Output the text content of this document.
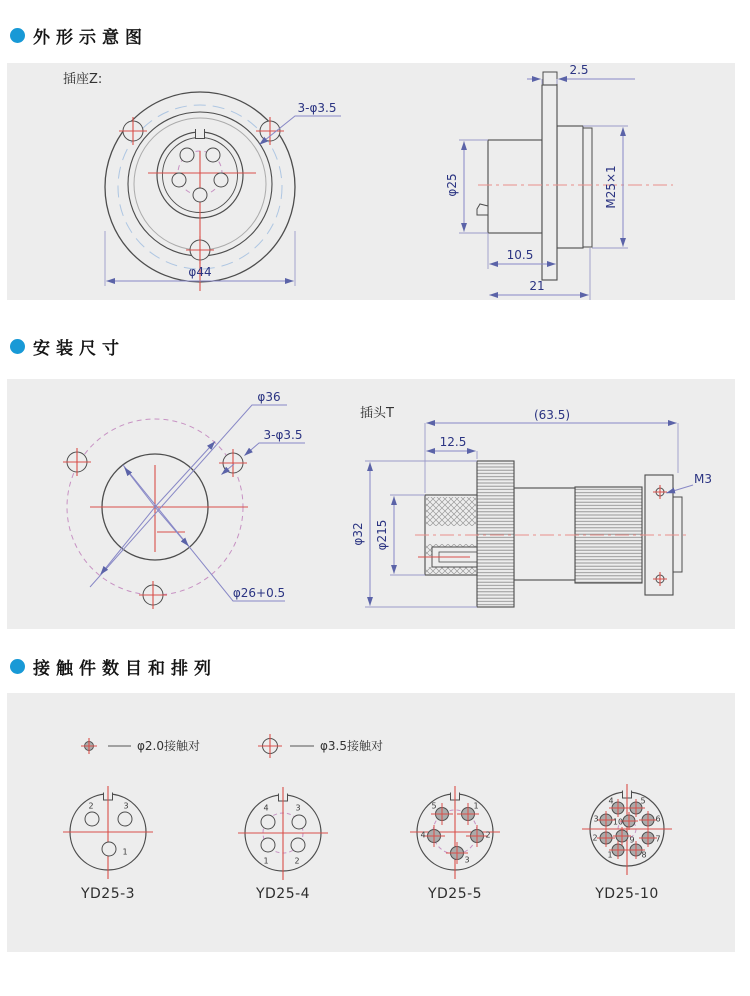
外形示意图
φ44
3-φ3.5
插座Z:
2.5
φ25	M25×1
10.5
21
安装尺寸
φ36
φ26+0.5
3-φ3.5
插头T	(63.5)
12.5
φ32 φ215
M3
接触件数目和排列
φ2.0接触对	φ3.5接触对
1
2	3
YD25-3
1	2
3
4
YD25-4
1
2
3
4
5
YD25-5
1
2
3
4	5
6
7
8
9
10
YD25-10
